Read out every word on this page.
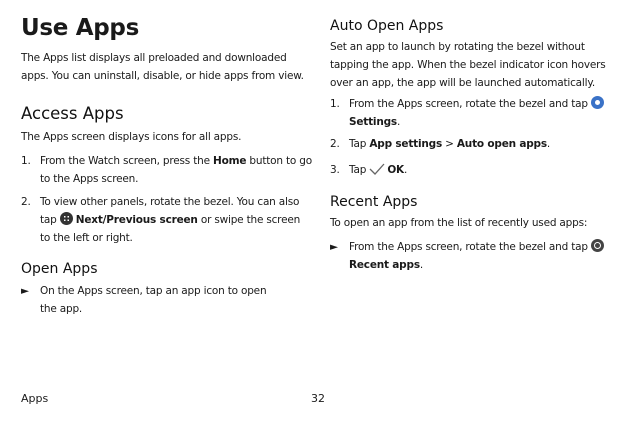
Use Apps

The Apps list displays all preloaded and downloaded apps. You can uninstall, disable, or hide apps from view.

Access Apps

The Apps screen displays icons for all apps.

1. From the Watch screen, press the Home button to go to the Apps screen.
2. To view other panels, rotate the bezel. You can also tap Next/Previous screen or swipe the screen to the left or right.
Open Apps
► On the Apps screen, tap an app icon to open the app.
Auto Open Apps

Set an app to launch by rotating the bezel without tapping the app. When the bezel indicator icon hovers over an app, the app will be launched automatically.

1. From the Apps screen, rotate the bezel and tap Settings.
2. Tap App settings > Auto open apps.
3. Tap OK.
Recent Apps

To open an app from the list of recently used apps:

► From the Apps screen, rotate the bezel and tap Recent apps.
Apps	32
